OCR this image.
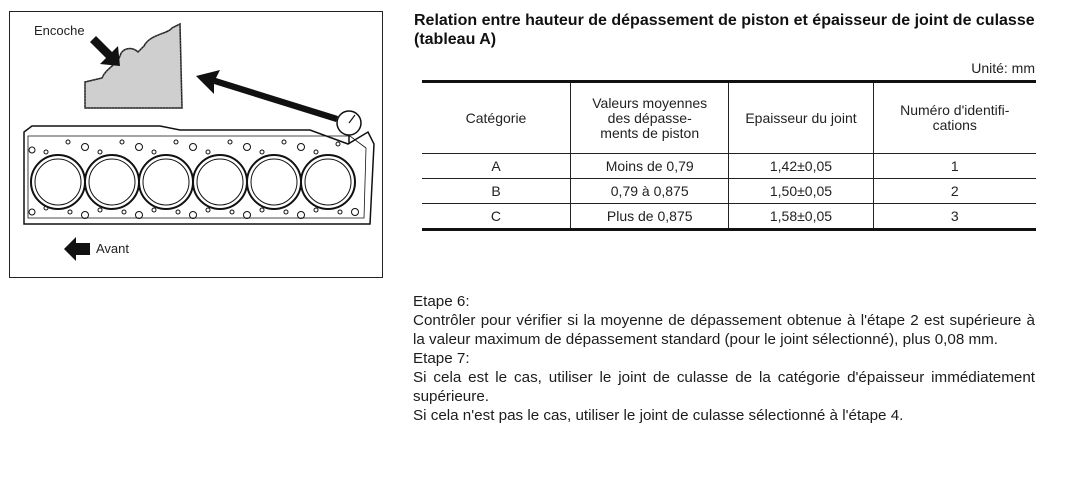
Encoche
Avant
Relation entre hauteur de dépassement de piston et épaisseur de joint de culasse (tableau A)
Unité: mm
Catégorie	Valeurs moyennes des dépasse-ments de piston	Epaisseur du joint	Numéro d'identifi-cations
A	Moins de 0,79	1,42±0,05	1
B	0,79 à 0,875	1,50±0,05	2
C	Plus de 0,875	1,58±0,05	3

Etape 6:

Contrôler pour vérifier si la moyenne de dépassement obtenue à l'étape 2 est supérieure à la valeur maximum de dépassement standard (pour le joint sélectionné), plus 0,08 mm.

Etape 7:

Si cela est le cas, utiliser le joint de culasse de la catégorie d'épaisseur immédiatement supérieure.

Si cela n'est pas le cas, utiliser le joint de culasse sélectionné à l'étape 4.
